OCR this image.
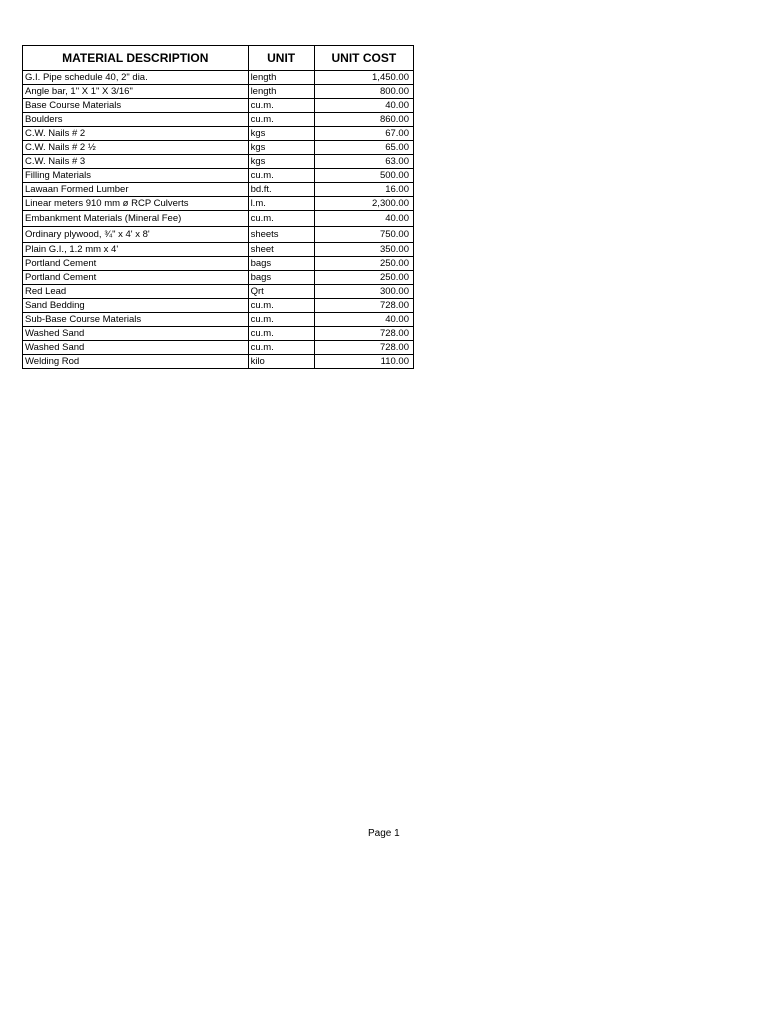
MATERIAL DESCRIPTION	UNIT	UNIT COST
G.I. Pipe schedule 40, 2" dia.	length	1,450.00
Angle bar, 1" X 1" X 3/16"	length	800.00
Base Course Materials	cu.m.	40.00
Boulders	cu.m.	860.00
C.W. Nails # 2	kgs	67.00
C.W. Nails # 2 ½	kgs	65.00
C.W. Nails # 3	kgs	63.00
Filling Materials	cu.m.	500.00
Lawaan Formed Lumber	bd.ft.	16.00
Linear meters 910 mm ø RCP Culverts	l.m.	2,300.00
Embankment Materials (Mineral Fee)	cu.m.	40.00
Ordinary plywood, ¾" x 4' x 8'	sheets	750.00
Plain G.I., 1.2 mm x 4'	sheet	350.00
Portland Cement	bags	250.00
Portland Cement	bags	250.00
Red Lead	Qrt	300.00
Sand Bedding	cu.m.	728.00
Sub-Base Course Materials	cu.m.	40.00
Washed Sand	cu.m.	728.00
Washed Sand	cu.m.	728.00
Welding Rod	kilo	110.00
Page 1
